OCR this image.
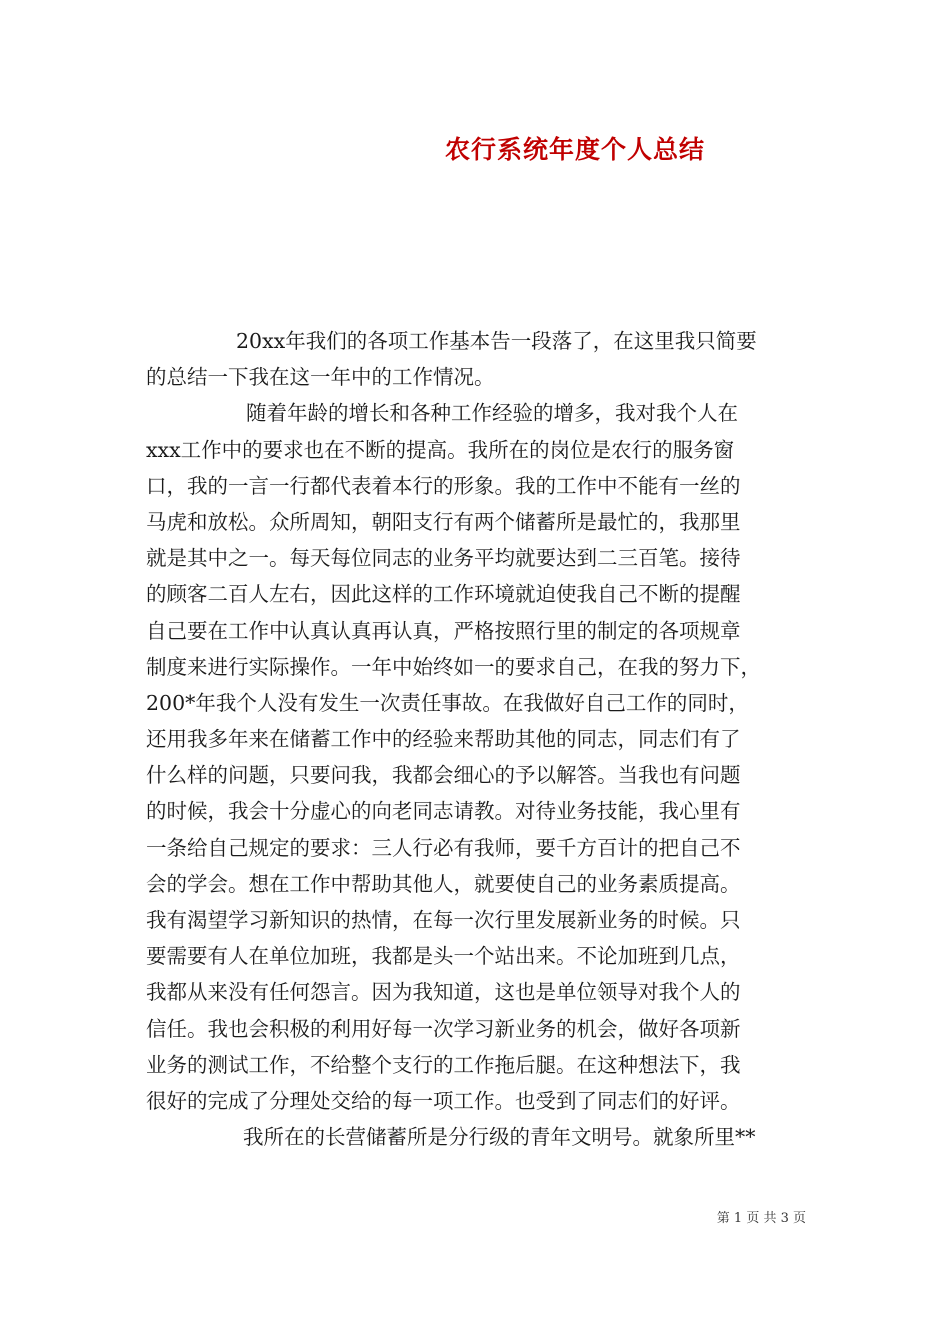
农行系统年度个人总结
20xx年我们的各项工作基本告一段落了，在这里我只简要
的总结一下我在这一年中的工作情况。
随着年龄的增长和各种工作经验的增多，我对我个人在
xxx工作中的要求也在不断的提高。我所在的岗位是农行的服务窗
口，我的一言一行都代表着本行的形象。我的工作中不能有一丝的
马虎和放松。众所周知，朝阳支行有两个储蓄所是最忙的，我那里
就是其中之一。每天每位同志的业务平均就要达到二三百笔。接待
的顾客二百人左右，因此这样的工作环境就迫使我自己不断的提醒
自己要在工作中认真认真再认真，严格按照行里的制定的各项规章
制度来进行实际操作。一年中始终如一的要求自己，在我的努力下，
200*年我个人没有发生一次责任事故。在我做好自己工作的同时，
还用我多年来在储蓄工作中的经验来帮助其他的同志，同志们有了
什么样的问题，只要问我，我都会细心的予以解答。当我也有问题
的时候，我会十分虚心的向老同志请教。对待业务技能，我心里有
一条给自己规定的要求：三人行必有我师，要千方百计的把自己不
会的学会。想在工作中帮助其他人，就要使自己的业务素质提高。
我有渴望学习新知识的热情，在每一次行里发展新业务的时候。只
要需要有人在单位加班，我都是头一个站出来。不论加班到几点，
我都从来没有任何怨言。因为我知道，这也是单位领导对我个人的
信任。我也会积极的利用好每一次学习新业务的机会，做好各项新
业务的测试工作，不给整个支行的工作拖后腿。在这种想法下，我
很好的完成了分理处交给的每一项工作。也受到了同志们的好评。
我所在的长营储蓄所是分行级的青年文明号。就象所里**
第 1 页 共 3 页
